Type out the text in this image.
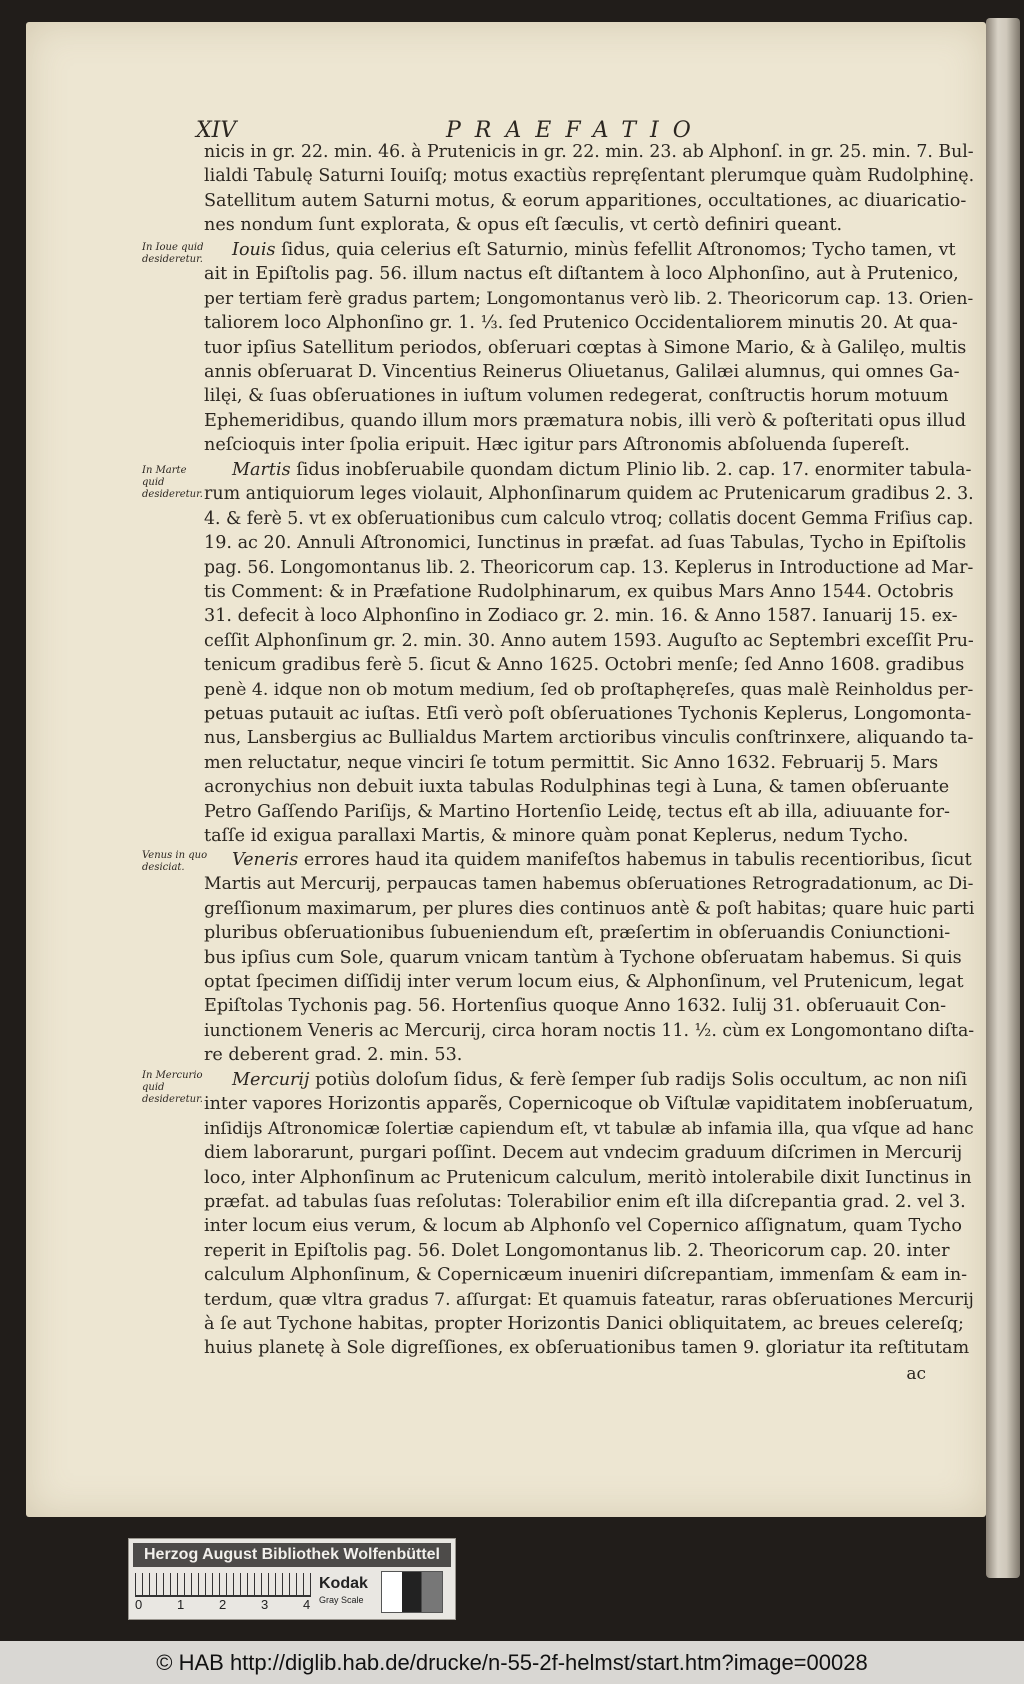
XIV	PRAEFATIO
In Ioue quid desideretur.
In Marte quid desideretur.
Venus in quo desiciat.
In Mercurio quid desideretur.
nicis in gr. 22. min. 46. à Prutenicis in gr. 22. min. 23. ab Alphonſ. in gr. 25. min. 7. Bul-
lialdi Tabulę Saturni Iouiſq; motus exactiùs repręſentant plerumque quàm Rudolphinę.
Satellitum autem Saturni motus, & eorum apparitiones, occultationes, ac diuaricatio-
nes nondum ſunt explorata, & opus eſt ſæculis, vt certò definiri queant.
Iouis ſidus, quia celerius eſt Saturnio, minùs fefellit Aſtronomos; Tycho tamen, vt
ait in Epiſtolis pag. 56. illum nactus eſt diſtantem à loco Alphonſino, aut à Prutenico,
per tertiam ferè gradus partem; Longomontanus verò lib. 2. Theoricorum cap. 13. Orien-
taliorem loco Alphonſino gr. 1. ⅓. ſed Prutenico Occidentaliorem minutis 20. At qua-
tuor ipſius Satellitum periodos, obſeruari cœptas à Simone Mario, & à Galilęo, multis
annis obſeruarat D. Vincentius Reinerus Oliuetanus, Galilæi alumnus, qui omnes Ga-
lilęi, & ſuas obſeruationes in iuſtum volumen redegerat, conſtructis horum motuum
Ephemeridibus, quando illum mors præmatura nobis, illi verò & poſteritati opus illud
neſcioquis inter ſpolia eripuit. Hæc igitur pars Aſtronomis abſoluenda ſupereſt.
Martis ſidus inobſeruabile quondam dictum Plinio lib. 2. cap. 17. enormiter tabula-
rum antiquiorum leges violauit, Alphonſinarum quidem ac Prutenicarum gradibus 2. 3.
4. & ferè 5. vt ex obſeruationibus cum calculo vtroq; collatis docent Gemma Friſius cap.
19. ac 20. Annuli Aſtronomici, Iunctinus in præfat. ad ſuas Tabulas, Tycho in Epiſtolis
pag. 56. Longomontanus lib. 2. Theoricorum cap. 13. Keplerus in Introductione ad Mar-
tis Comment: & in Præfatione Rudolphinarum, ex quibus Mars Anno 1544. Octobris
31. defecit à loco Alphonſino in Zodiaco gr. 2. min. 16. & Anno 1587. Ianuarij 15. ex-
ceſſit Alphonſinum gr. 2. min. 30. Anno autem 1593. Auguſto ac Septembri exceſſit Pru-
tenicum gradibus ferè 5. ſicut & Anno 1625. Octobri menſe; ſed Anno 1608. gradibus
penè 4. idque non ob motum medium, ſed ob proſtaphęreſes, quas malè Reinholdus per-
petuas putauit ac iuſtas. Etſi verò poſt obſeruationes Tychonis Keplerus, Longomonta-
nus, Lansbergius ac Bullialdus Martem arctioribus vinculis conſtrinxere, aliquando ta-
men reluctatur, neque vinciri ſe totum permittit. Sic Anno 1632. Februarij 5. Mars
acronychius non debuit iuxta tabulas Rodulphinas tegi à Luna, & tamen obſeruante
Petro Gaſſendo Pariſijs, & Martino Hortenſio Leidę, tectus eſt ab illa, adiuuante for-
taſſe id exigua parallaxi Martis, & minore quàm ponat Keplerus, nedum Tycho.
Veneris errores haud ita quidem manifeſtos habemus in tabulis recentioribus, ſicut
Martis aut Mercurij, perpaucas tamen habemus obſeruationes Retrogradationum, ac Di-
greſſionum maximarum, per plures dies continuos antè & poſt habitas; quare huic parti
pluribus obſeruationibus ſubueniendum eſt, præſertim in obſeruandis Coniunctioni-
bus ipſius cum Sole, quarum vnicam tantùm à Tychone obſeruatam habemus. Si quis
optat ſpecimen diſſidij inter verum locum eius, & Alphonſinum, vel Prutenicum, legat
Epiſtolas Tychonis pag. 56. Hortenſius quoque Anno 1632. Iulij 31. obſeruauit Con-
iunctionem Veneris ac Mercurij, circa horam noctis 11. ½. cùm ex Longomontano diſta-
re deberent grad. 2. min. 53.
Mercurij potiùs doloſum ſidus, & ferè ſemper ſub radijs Solis occultum, ac non niſi
inter vapores Horizontis apparẽs, Copernicoque ob Viſtulæ vapiditatem inobſeruatum,
inſidijs Aſtronomicæ ſolertiæ capiendum eſt, vt tabulæ ab infamia illa, qua vſque ad hanc
diem laborarunt, purgari poſſint. Decem aut vndecim graduum diſcrimen in Mercurij
loco, inter Alphonſinum ac Prutenicum calculum, meritò intolerabile dixit Iunctinus in
præfat. ad tabulas ſuas reſolutas: Tolerabilior enim eſt illa diſcrepantia grad. 2. vel 3.
inter locum eius verum, & locum ab Alphonſo vel Copernico aſſignatum, quam Tycho
reperit in Epiſtolis pag. 56. Dolet Longomontanus lib. 2. Theoricorum cap. 20. inter
calculum Alphonſinum, & Copernicæum inueniri diſcrepantiam, immenſam & eam in-
terdum, quæ vltra gradus 7. aſſurgat: Et quamuis fateatur, raras obſeruationes Mercurij
à ſe aut Tychone habitas, propter Horizontis Danici obliquitatem, ac breues celereſq;
huius planetę à Sole digreſſiones, ex obſeruationibus tamen 9. gloriatur ita reſtitutam
ac
Herzog August Bibliothek Wolfenbüttel
0	1	2	3	4
Kodak
Gray Scale
© HAB http://diglib.hab.de/drucke/n-55-2f-helmst/start.htm?image=00028
